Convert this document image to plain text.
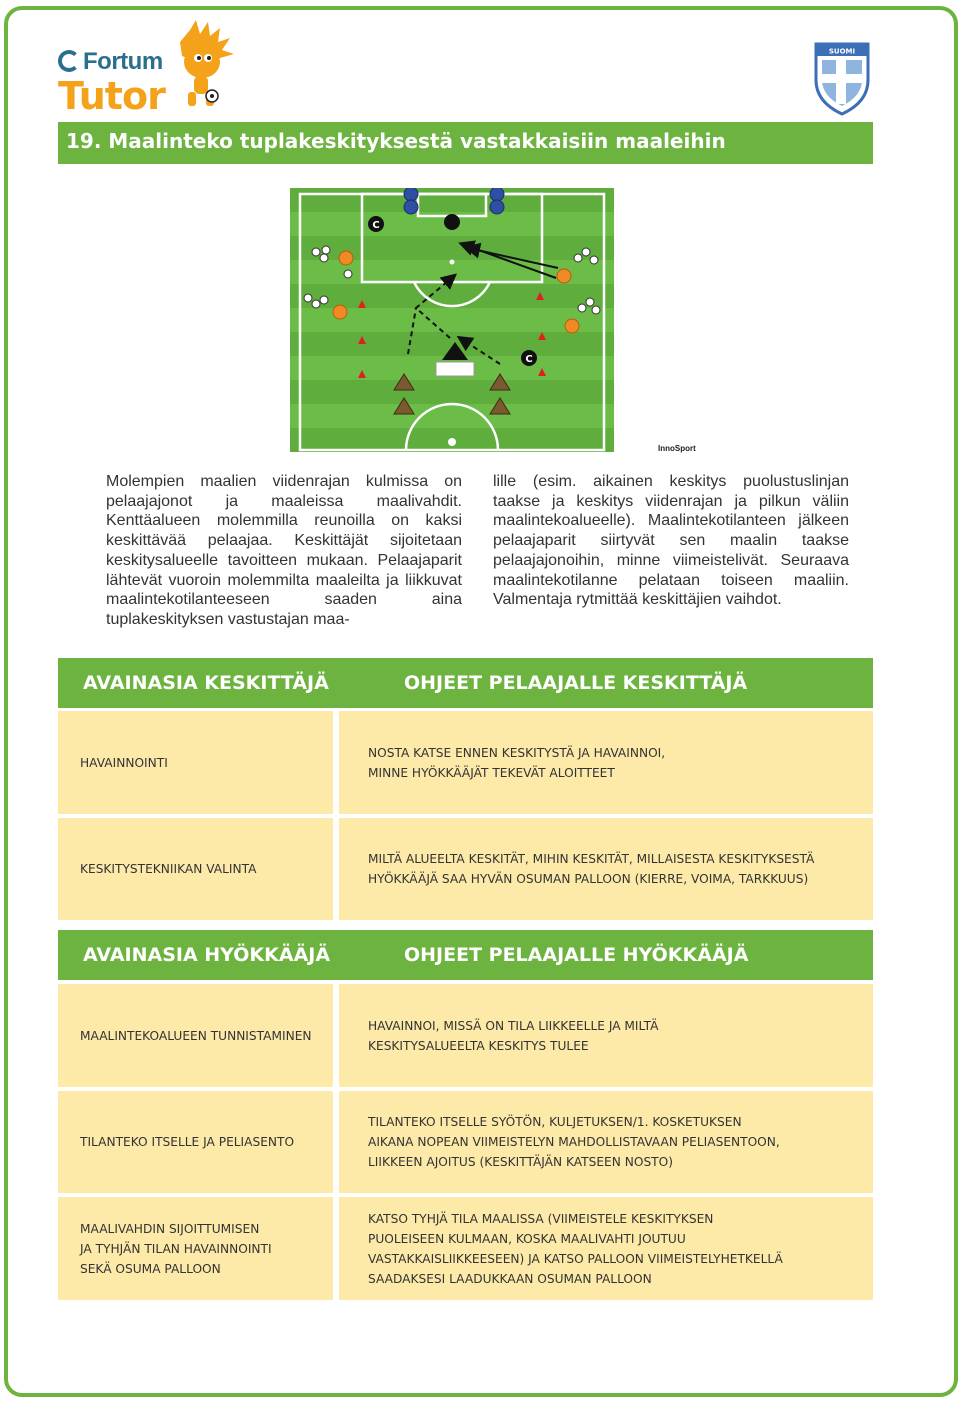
Fortum
Tutor
SUOMI
19. Maalinteko tuplakeskityksestä vastakkaisiin maaleihin
C
C
InnoSport
Molempien maalien viidenrajan kulmissa on pelaajajonot ja maaleissa maalivahdit. Kenttäalueen molemmilla reunoilla on kaksi keskittävää pelaajaa. Keskittäjät sijoitetaan keskitysalueelle tavoitteen mukaan. Pelaajaparit lähtevät vuoroin molemmilta maaleilta ja liikkuvat maalintekotilanteeseen saaden aina tuplakeskityksen vastustajan maa-
lille (esim. aikainen keskitys puolustuslinjan taakse ja keskitys viidenrajan ja pilkun väliin maalintekoalueelle). Maalintekotilanteen jälkeen pelaajaparit siirtyvät sen maalin taakse pelaajajonoihin, minne viimeistelivät. Seuraava maalintekotilanne pelataan toiseen maaliin. Valmentaja rytmittää keskittäjien vaihdot.
AVAINASIA KESKITTÄJÄ	OHJEET PELAAJALLE KESKITTÄJÄ

HAVAINNOINTI

NOSTA KATSE ENNEN KESKITYSTÄ JA HAVAINNOI,
MINNE HYÖKKÄÄJÄT TEKEVÄT ALOITTEET

KESKITYSTEKNIIKAN VALINTA

MILTÄ ALUEELTA KESKITÄT, MIHIN KESKITÄT, MILLAISESTA KESKITYKSESTÄ
HYÖKKÄÄJÄ SAA HYVÄN OSUMAN PALLOON (KIERRE, VOIMA, TARKKUUS)

AVAINASIA HYÖKKÄÄJÄ	OHJEET PELAAJALLE HYÖKKÄÄJÄ

MAALINTEKOALUEEN TUNNISTAMINEN

HAVAINNOI, MISSÄ ON TILA LIIKKEELLE JA MILTÄ
KESKITYSALUEELTA KESKITYS TULEE

TILANTEKO ITSELLE JA PELIASENTO

TILANTEKO ITSELLE SYÖTÖN, KULJETUKSEN/1. KOSKETUKSEN
AIKANA NOPEAN VIIMEISTELYN MAHDOLLISTAVAAN PELIASENTOON,
LIIKKEEN AJOITUS (KESKITTÄJÄN KATSEEN NOSTO)

MAALIVAHDIN SIJOITTUMISEN
JA TYHJÄN TILAN HAVAINNOINTI
SEKÄ OSUMA PALLOON

KATSO TYHJÄ TILA MAALISSA (VIIMEISTELE KESKITYKSEN
PUOLEISEEN KULMAAN, KOSKA MAALIVAHTI JOUTUU
VASTAKKAISLIIKKEESEEN) JA KATSO PALLOON VIIMEISTELYHETKELLÄ
SAADAKSESI LAADUKKAAN OSUMAN PALLOON
